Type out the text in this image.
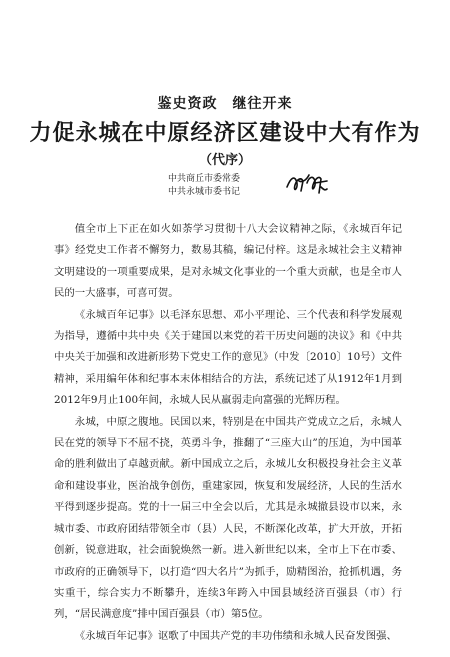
鉴史资政　继往开来
力促永城在中原经济区建设中大有作为
（代序）
中共商丘市委常委
中共永城市委书记

值全市上下正在如火如荼学习贯彻十八大会议精神之际，《永城百年记事》经党史工作者不懈努力，数易其稿，编记付梓。这是永城社会主义精神文明建设的一项重要成果，是对永城文化事业的一个重大贡献，也是全市人民的一大盛事，可喜可贺。

《永城百年记事》以毛泽东思想、邓小平理论、三个代表和科学发展观为指导，遵循中共中央《关于建国以来党的若干历史问题的决议》和《中共中央关于加强和改进新形势下党史工作的意见》（中发〔2010〕10号）文件精神，采用编年体和纪事本末体相结合的方法，系统记述了从1912年1月到2012年9月止100年间，永城人民从羸弱走向富强的光辉历程。

永城，中原之腹地。民国以来，特别是在中国共产党成立之后，永城人民在党的领导下不屈不挠，英勇斗争，推翻了“三座大山”的压迫，为中国革命的胜利做出了卓越贡献。新中国成立之后，永城儿女积极投身社会主义革命和建设事业，医治战争创伤，重建家园，恢复和发展经济，人民的生活水平得到逐步提高。党的十一届三中全会以后，尤其是永城撤县设市以来，永城市委、市政府团结带领全市（县）人民，不断深化改革，扩大开放，开拓创新，锐意进取，社会面貌焕然一新。进入新世纪以来，全市上下在市委、市政府的正确领导下，以打造“四大名片”为抓手，励精图治，抢抓机遇，务实重干，综合实力不断攀升，连续3年跨入中国县域经济百强县（市）行列，“居民满意度”排中国百强县（市）第5位。

《永城百年记事》讴歌了中国共产党的丰功伟绩和永城人民奋发图强、
